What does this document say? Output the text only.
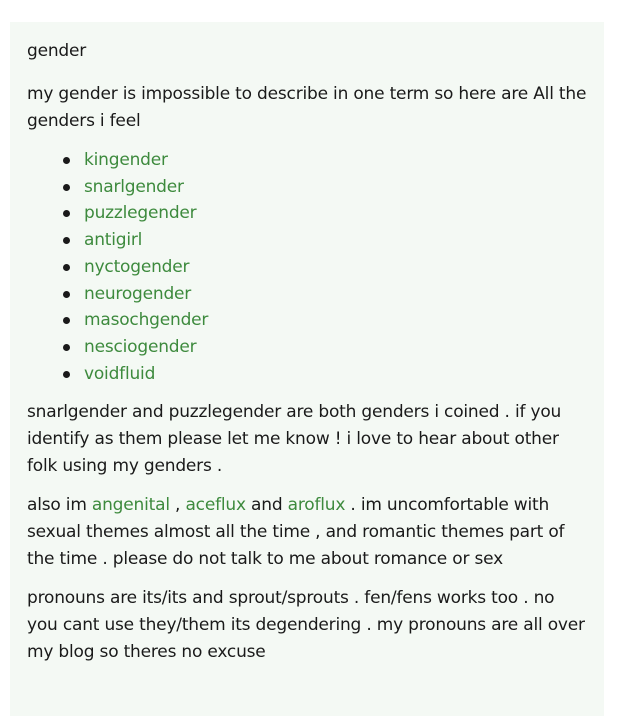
gender

my gender is impossible to describe in one term so here are All the genders i feel

kingender
snarlgender
puzzlegender
antigirl
nyctogender
neurogender
masochgender
nesciogender
voidfluid

snarlgender and puzzlegender are both genders i coined . if you identify as them please let me know ! i love to hear about other folk using my genders .

also im angenital , aceflux and aroflux . im uncomfortable with sexual themes almost all the time , and romantic themes part of the time . please do not talk to me about romance or sex

pronouns are its/its and sprout/sprouts . fen/fens works too . no you cant use they/them its degendering . my pronouns are all over my blog so theres no excuse
